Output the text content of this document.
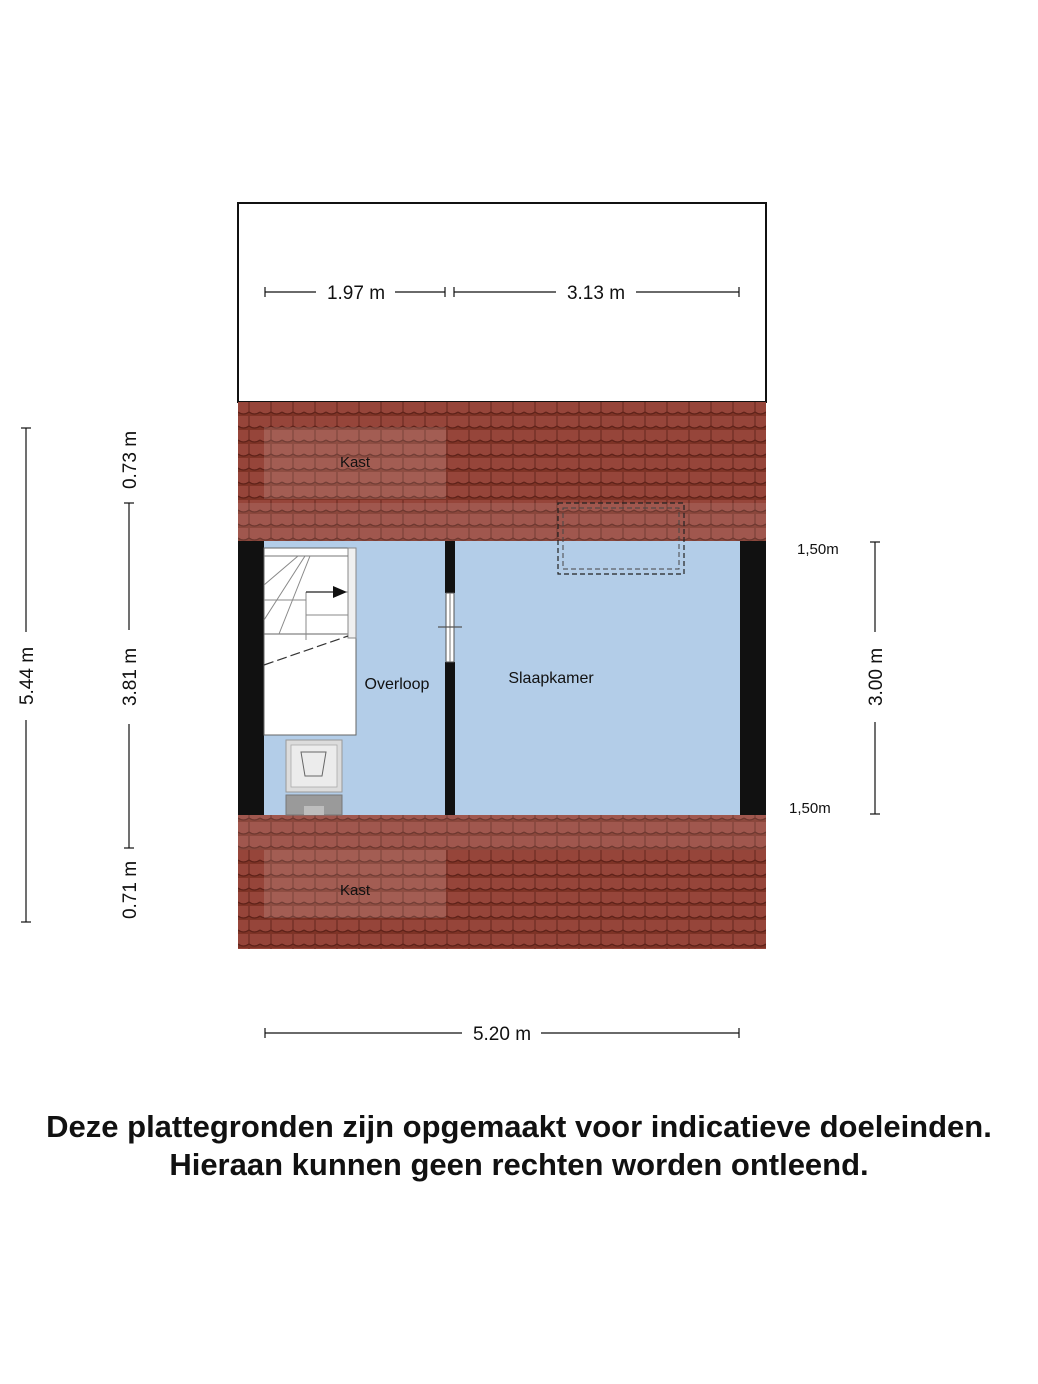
Kast
Kast
Overloop	Slaapkamer
1.97 m	3.13 m
5.20 m
5.44 m
0.73 m
3.81 m
0.71 m
3.00 m
1,50m
1,50m
Deze plattegronden zijn opgemaakt voor indicatieve doeleinden.
Hieraan kunnen geen rechten worden ontleend.
